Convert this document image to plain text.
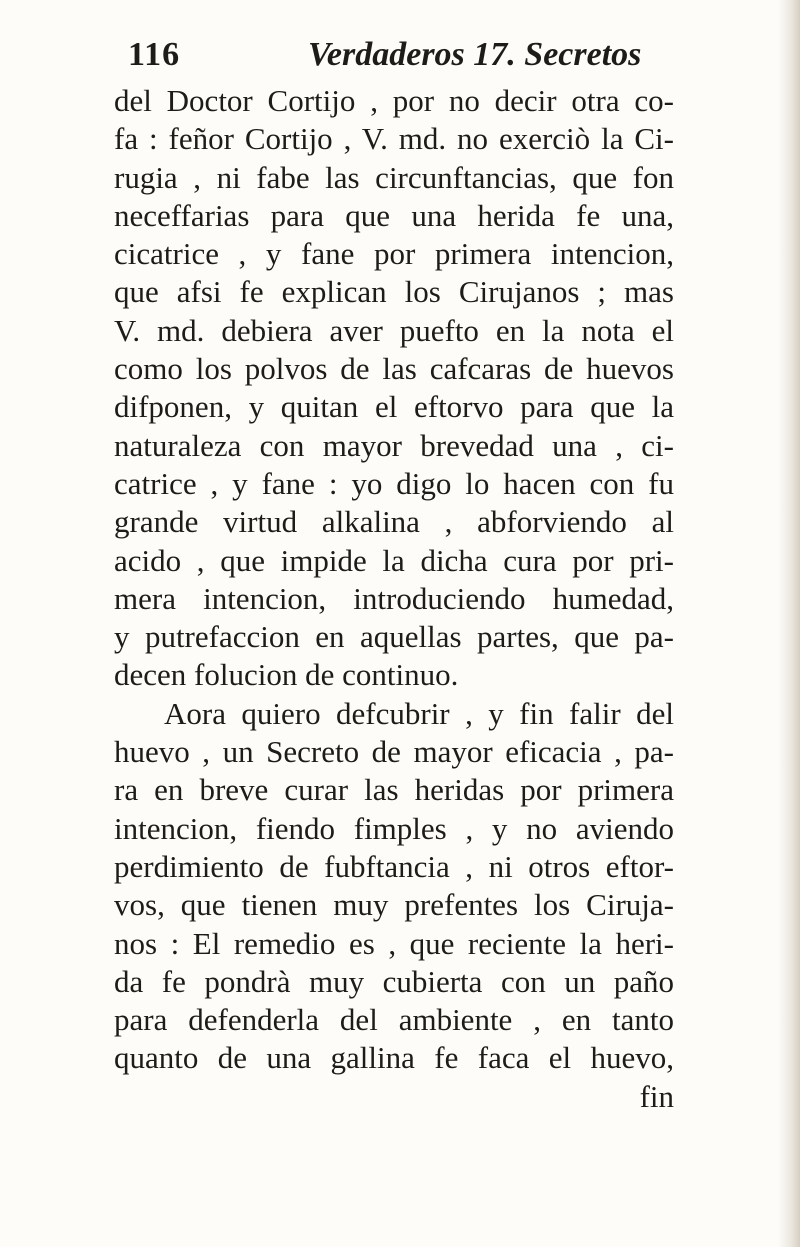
116	Verdaderos 17. Secretos
del Doctor Cortijo , por no decir otra co-
fa : feñor Cortijo , V. md. no exerciò la Ci-
rugia , ni fabe las circunftancias, que fon
neceffarias para que una herida fe una,
cicatrice , y fane por primera intencion,
que afsi fe explican los Cirujanos ; mas
V. md. debiera aver puefto en la nota el
como los polvos de las cafcaras de huevos
difponen, y quitan el eftorvo para que la
naturaleza con mayor brevedad una , ci-
catrice , y fane : yo digo lo hacen con fu
grande virtud alkalina , abforviendo al
acido , que impide la dicha cura por pri-
mera intencion, introduciendo humedad,
y putrefaccion en aquellas partes, que pa-
decen folucion de continuo.
Aora quiero defcubrir , y fin falir del
huevo , un Secreto de mayor eficacia , pa-
ra en breve curar las heridas por primera
intencion, fiendo fimples , y no aviendo
perdimiento de fubftancia , ni otros eftor-
vos, que tienen muy prefentes los Ciruja-
nos : El remedio es , que reciente la heri-
da fe pondrà muy cubierta con un paño
para defenderla del ambiente , en tanto
quanto de una gallina fe faca el huevo,
fin
